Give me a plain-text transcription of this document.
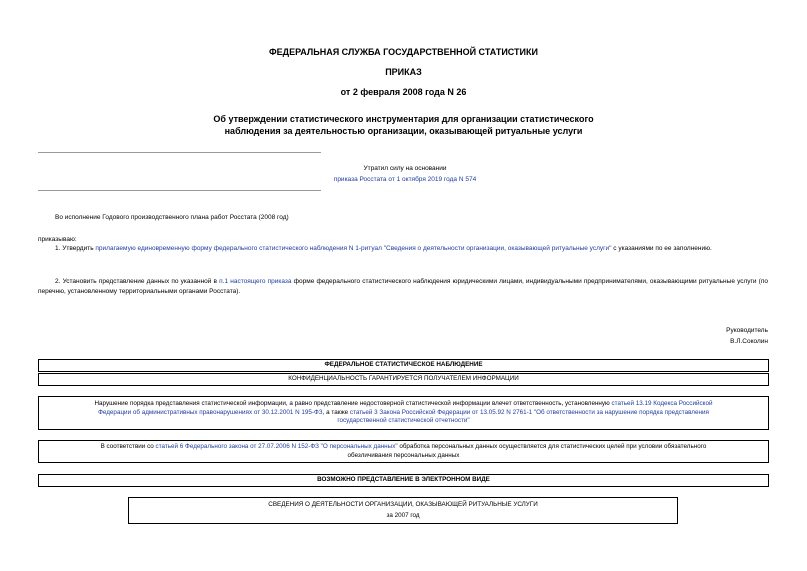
ФЕДЕРАЛЬНАЯ СЛУЖБА ГОСУДАРСТВЕННОЙ СТАТИСТИКИ
ПРИКАЗ
от 2 февраля 2008 года N 26
Об утверждении статистического инструментария для организации статистического
наблюдения за деятельностью организации, оказывающей ритуальные услуги
Утратил силу на основании
приказа Росстата от 1 октября 2019 года N 574
Во исполнение Годового производственного плана работ Росстата (2008 год)
приказываю:
1. Утвердить прилагаемую единовременную форму федерального статистического наблюдения N 1-ритуал "Сведения о деятельности организации, оказывающей ритуальные услуги" с указаниями по ее заполнению.
2. Установить представление данных по указанной в п.1 настоящего приказа форме федерального статистического наблюдения юридическими лицами, индивидуальными предпринимателями, оказывающими ритуальные услуги (по перечню, установленному территориальными органами Росстата).
Руководитель
В.Л.Соколин
ФЕДЕРАЛЬНОЕ СТАТИСТИЧЕСКОЕ НАБЛЮДЕНИЕ
КОНФИДЕНЦИАЛЬНОСТЬ ГАРАНТИРУЕТСЯ ПОЛУЧАТЕЛЕМ ИНФОРМАЦИИ
Нарушение порядка представления статистической информации, а равно представление недостоверной статистической информации влечет ответственность, установленную статьей 13.19 Кодекса Российской Федерации об административных правонарушениях от 30.12.2001 N 195-ФЗ, а также статьей 3 Закона Российской Федерации от 13.05.92 N 2761-1 "Об ответственности за нарушение порядка представления государственной статистической отчетности"
В соответствии со статьей 6 Федерального закона от 27.07.2006 N 152-ФЗ "О персональных данных" обработка персональных данных осуществляется для статистических целей при условии обязательного обезличивания персональных данных
ВОЗМОЖНО ПРЕДСТАВЛЕНИЕ В ЭЛЕКТРОННОМ ВИДЕ
СВЕДЕНИЯ О ДЕЯТЕЛЬНОСТИ ОРГАНИЗАЦИИ, ОКАЗЫВАЮЩЕЙ РИТУАЛЬНЫЕ УСЛУГИ
за 2007 год
